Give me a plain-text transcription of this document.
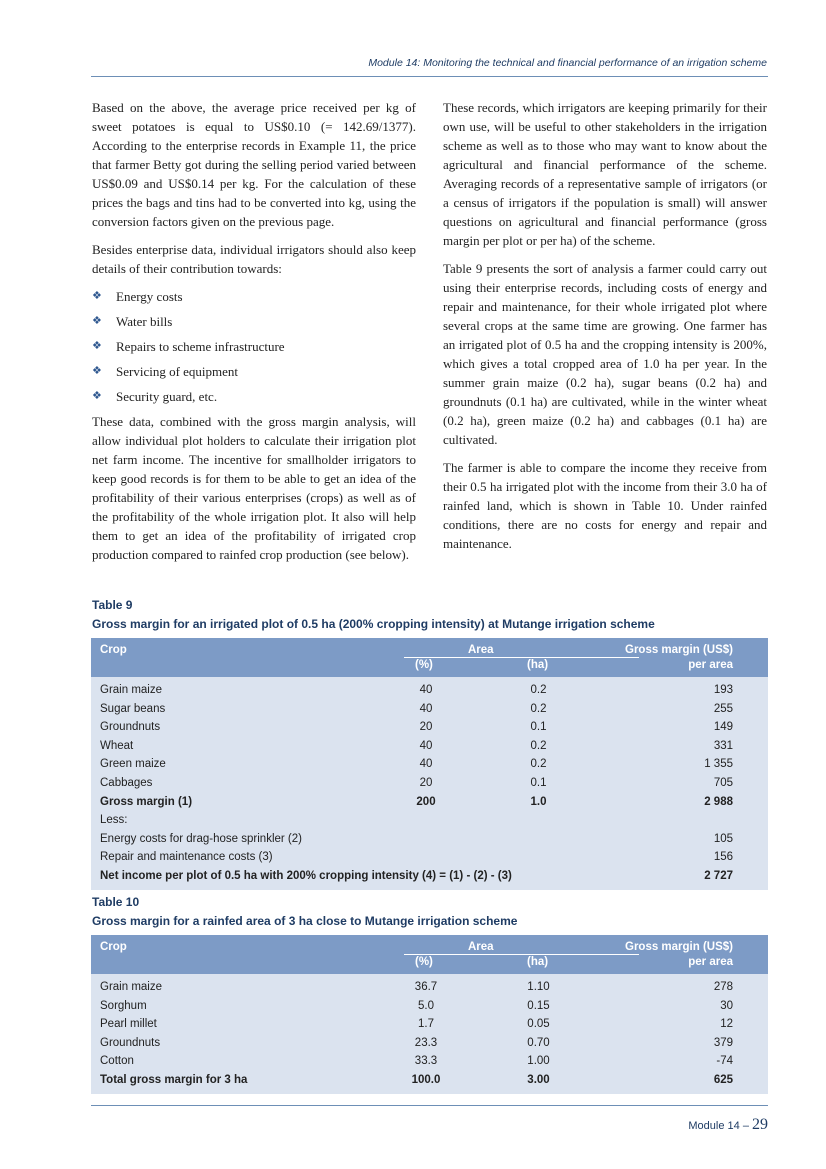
Module 14: Monitoring the technical and financial performance of an irrigation scheme

Based on the above, the average price received per kg of sweet potatoes is equal to US$0.10 (= 142.69/1377). According to the enterprise records in Example 11, the price that farmer Betty got during the selling period varied between US$0.09 and US$0.14 per kg. For the calculation of these prices the bags and tins had to be converted into kg, using the conversion factors given on the previous page.

Besides enterprise data, individual irrigators should also keep details of their contribution towards:

❖ Energy costs
❖ Water bills
❖ Repairs to scheme infrastructure
❖ Servicing of equipment
❖ Security guard, etc.

These data, combined with the gross margin analysis, will allow individual plot holders to calculate their irrigation plot net farm income. The incentive for smallholder irrigators to keep good records is for them to be able to get an idea of the profitability of their various enterprises (crops) as well as of the profitability of the whole irrigation plot. It also will help them to get an idea of the profitability of irrigated crop production compared to rainfed crop production (see below).

These records, which irrigators are keeping primarily for their own use, will be useful to other stakeholders in the irrigation scheme as well as to those who may want to know about the agricultural and financial performance of the scheme. Averaging records of a representative sample of irrigators (or a census of irrigators if the population is small) will answer questions on agricultural and financial performance (gross margin per plot or per ha) of the scheme.

Table 9 presents the sort of analysis a farmer could carry out using their enterprise records, including costs of energy and repair and maintenance, for their whole irrigated plot where several crops at the same time are growing. One farmer has an irrigated plot of 0.5 ha and the cropping intensity is 200%, which gives a total cropped area of 1.0 ha per year. In the summer grain maize (0.2 ha), sugar beans (0.2 ha) and groundnuts (0.1 ha) are cultivated, while in the winter wheat (0.2 ha), green maize (0.2 ha) and cabbages (0.1 ha) are cultivated.

The farmer is able to compare the income they receive from their 0.5 ha irrigated plot with the income from their 3.0 ha of rainfed land, which is shown in Table 10. Under rainfed conditions, there are no costs for energy and repair and maintenance.

Table 9
Gross margin for an irrigated plot of 0.5 ha (200% cropping intensity) at Mutange irrigation scheme
Crop	Area
(%)	(ha)
Gross margin (US$)
per area
Grain maize	40	0.2	193
Sugar beans	40	0.2	255
Groundnuts	20	0.1	149
Wheat	40	0.2	331
Green maize	40	0.2	1 355
Cabbages	20	0.1	705
Gross margin (1)	200	1.0	2 988
Less:
Energy costs for drag-hose sprinkler (2)	105
Repair and maintenance costs (3)	156
Net income per plot of 0.5 ha with 200% cropping intensity (4) = (1) - (2) - (3)	2 727
Table 10
Gross margin for a rainfed area of 3 ha close to Mutange irrigation scheme
Crop	Area
(%)	(ha)
Gross margin (US$)
per area
Grain maize	36.7	1.10	278
Sorghum	5.0	0.15	30
Pearl millet	1.7	0.05	12
Groundnuts	23.3	0.70	379
Cotton	33.3	1.00	-74
Total gross margin for 3 ha	100.0	3.00	625
Module 14 – 29
